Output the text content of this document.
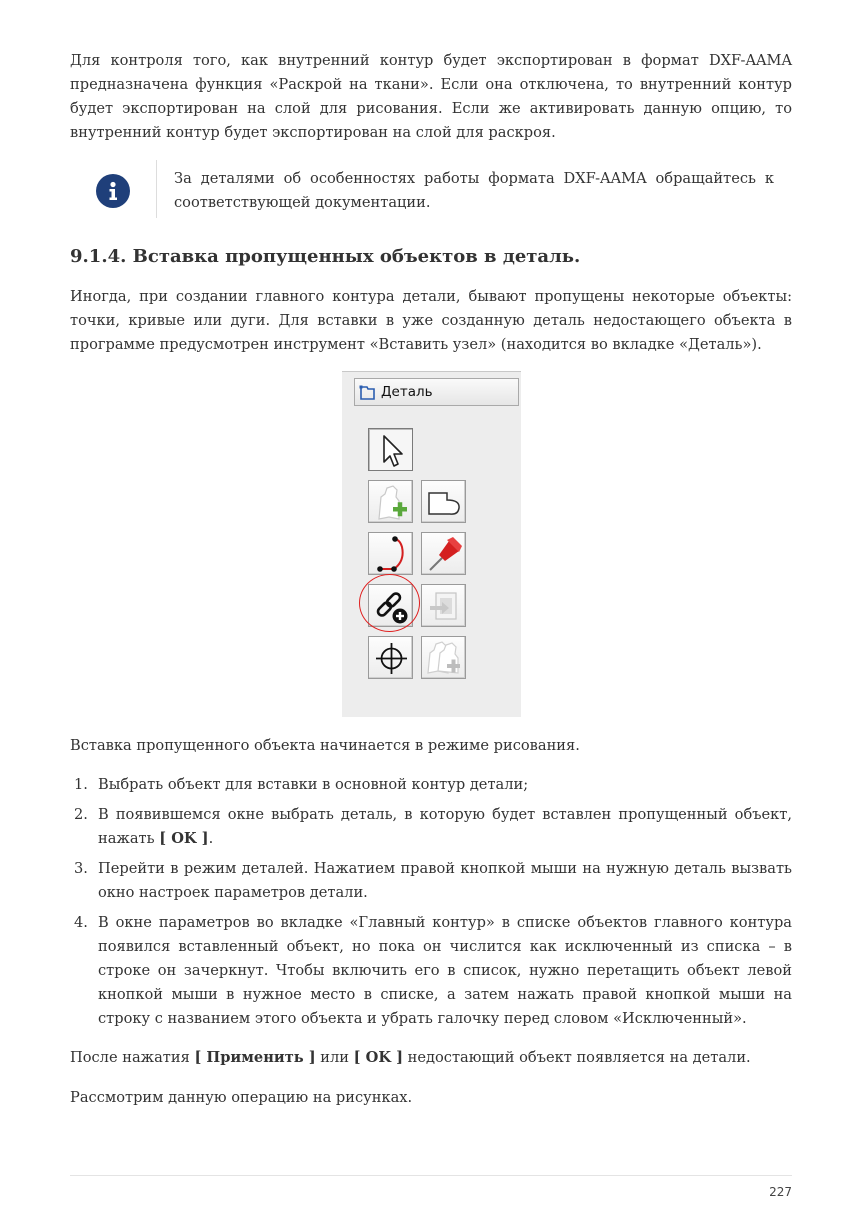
Для контроля того, как внутренний контур будет экспортирован в формат DXF-AAMA предназначена функция «Раскрой на ткани». Если она отключена, то внутренний контур будет экспортирован на слой для рисования. Если же активировать данную опцию, то внутренний контур будет экспортирован на слой для раскроя.

За деталями об особенностях работы формата DXF-AAMA обращайтесь к соответствующей документации.

9.1.4. Вставка пропущенных объектов в деталь.

Иногда, при создании главного контура детали, бывают пропущены некоторые объекты: точки, кривые или дуги. Для вставки в уже созданную деталь недостающего объекта в программе предусмотрен инструмент «Вставить узел» (находится во вкладке «Деталь»).

Деталь

Вставка пропущенного объекта начинается в режиме рисования.

1. Выбрать объект для вставки в основной контур детали;
2. В появившемся окне выбрать деталь, в которую будет вставлен пропущенный объект, нажать [ OK ].
3. Перейти в режим деталей. Нажатием правой кнопкой мыши на нужную деталь вызвать окно настроек параметров детали.
4. В окне параметров во вкладке «Главный контур» в списке объектов главного контура появился вставленный объект, но пока он числится как исключенный из списка – в строке он зачеркнут. Чтобы включить его в список, нужно перетащить объект левой кнопкой мыши в нужное место в списке, а затем нажать правой кнопкой мыши на строку с названием этого объекта и убрать галочку перед словом «Исключенный».

После нажатия [ Применить ] или [ OK ] недостающий объект появляется на детали.

Рассмотрим данную операцию на рисунках.

227
